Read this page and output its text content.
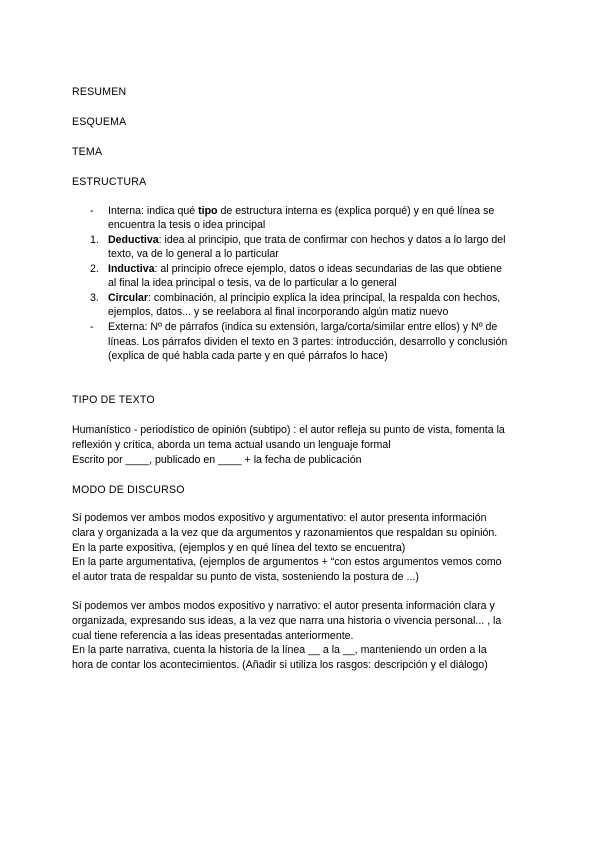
RESUMEN
ESQUEMA
TEMA
ESTRUCTURA
- Interna: indica qué tipo de estructura interna es (explica porqué) y en qué línea se
encuentra la tesis o idea principal
1. Deductiva: idea al principio, que trata de confirmar con hechos y datos a lo largo del
texto, va de lo general a lo particular
2. Inductiva: al principio ofrece ejemplo, datos o ideas secundarias de las que obtiene
al final la idea principal o tesis, va de lo particular a lo general
3. Circular: combinación, al principio explica la idea principal, la respalda con hechos,
ejemplos, datos... y se reelabora al final incorporando algún matiz nuevo
- Externa: Nº de párrafos (indica su extensión, larga/corta/similar entre ellos) y Nº de
líneas. Los párrafos dividen el texto en 3 partes: introducción, desarrollo y conclusión
(explica de qué habla cada parte y en qué párrafos lo hace)
TIPO DE TEXTO
Humanístico - periodístico de opinión (subtipo) : el autor refleja su punto de vista, fomenta la
reflexión y crítica, aborda un tema actual usando un lenguaje formal
Escrito por ____, publicado en ____ + la fecha de publicación
MODO DE DISCURSO
Si podemos ver ambos modos expositivo y argumentativo: el autor presenta información
clara y organizada a la vez que da argumentos y razonamientos que respaldan su opinión.
En la parte expositiva, (ejemplos y en qué línea del texto se encuentra)
En la parte argumentativa, (ejemplos de argumentos + “con estos argumentos vemos como
el autor trata de respaldar su punto de vista, sosteniendo la postura de ...)
Si podemos ver ambos modos expositivo y narrativo: el autor presenta información clara y
organizada, expresando sus ideas, a la vez que narra una historia o vivencia personal... , la
cual tiene referencia a las ideas presentadas anteriormente.
En la parte narrativa, cuenta la historia de la línea __ a la __, manteniendo un orden a la
hora de contar los acontecimientos. (Añadir si utiliza los rasgos: descripción y el diálogo)
